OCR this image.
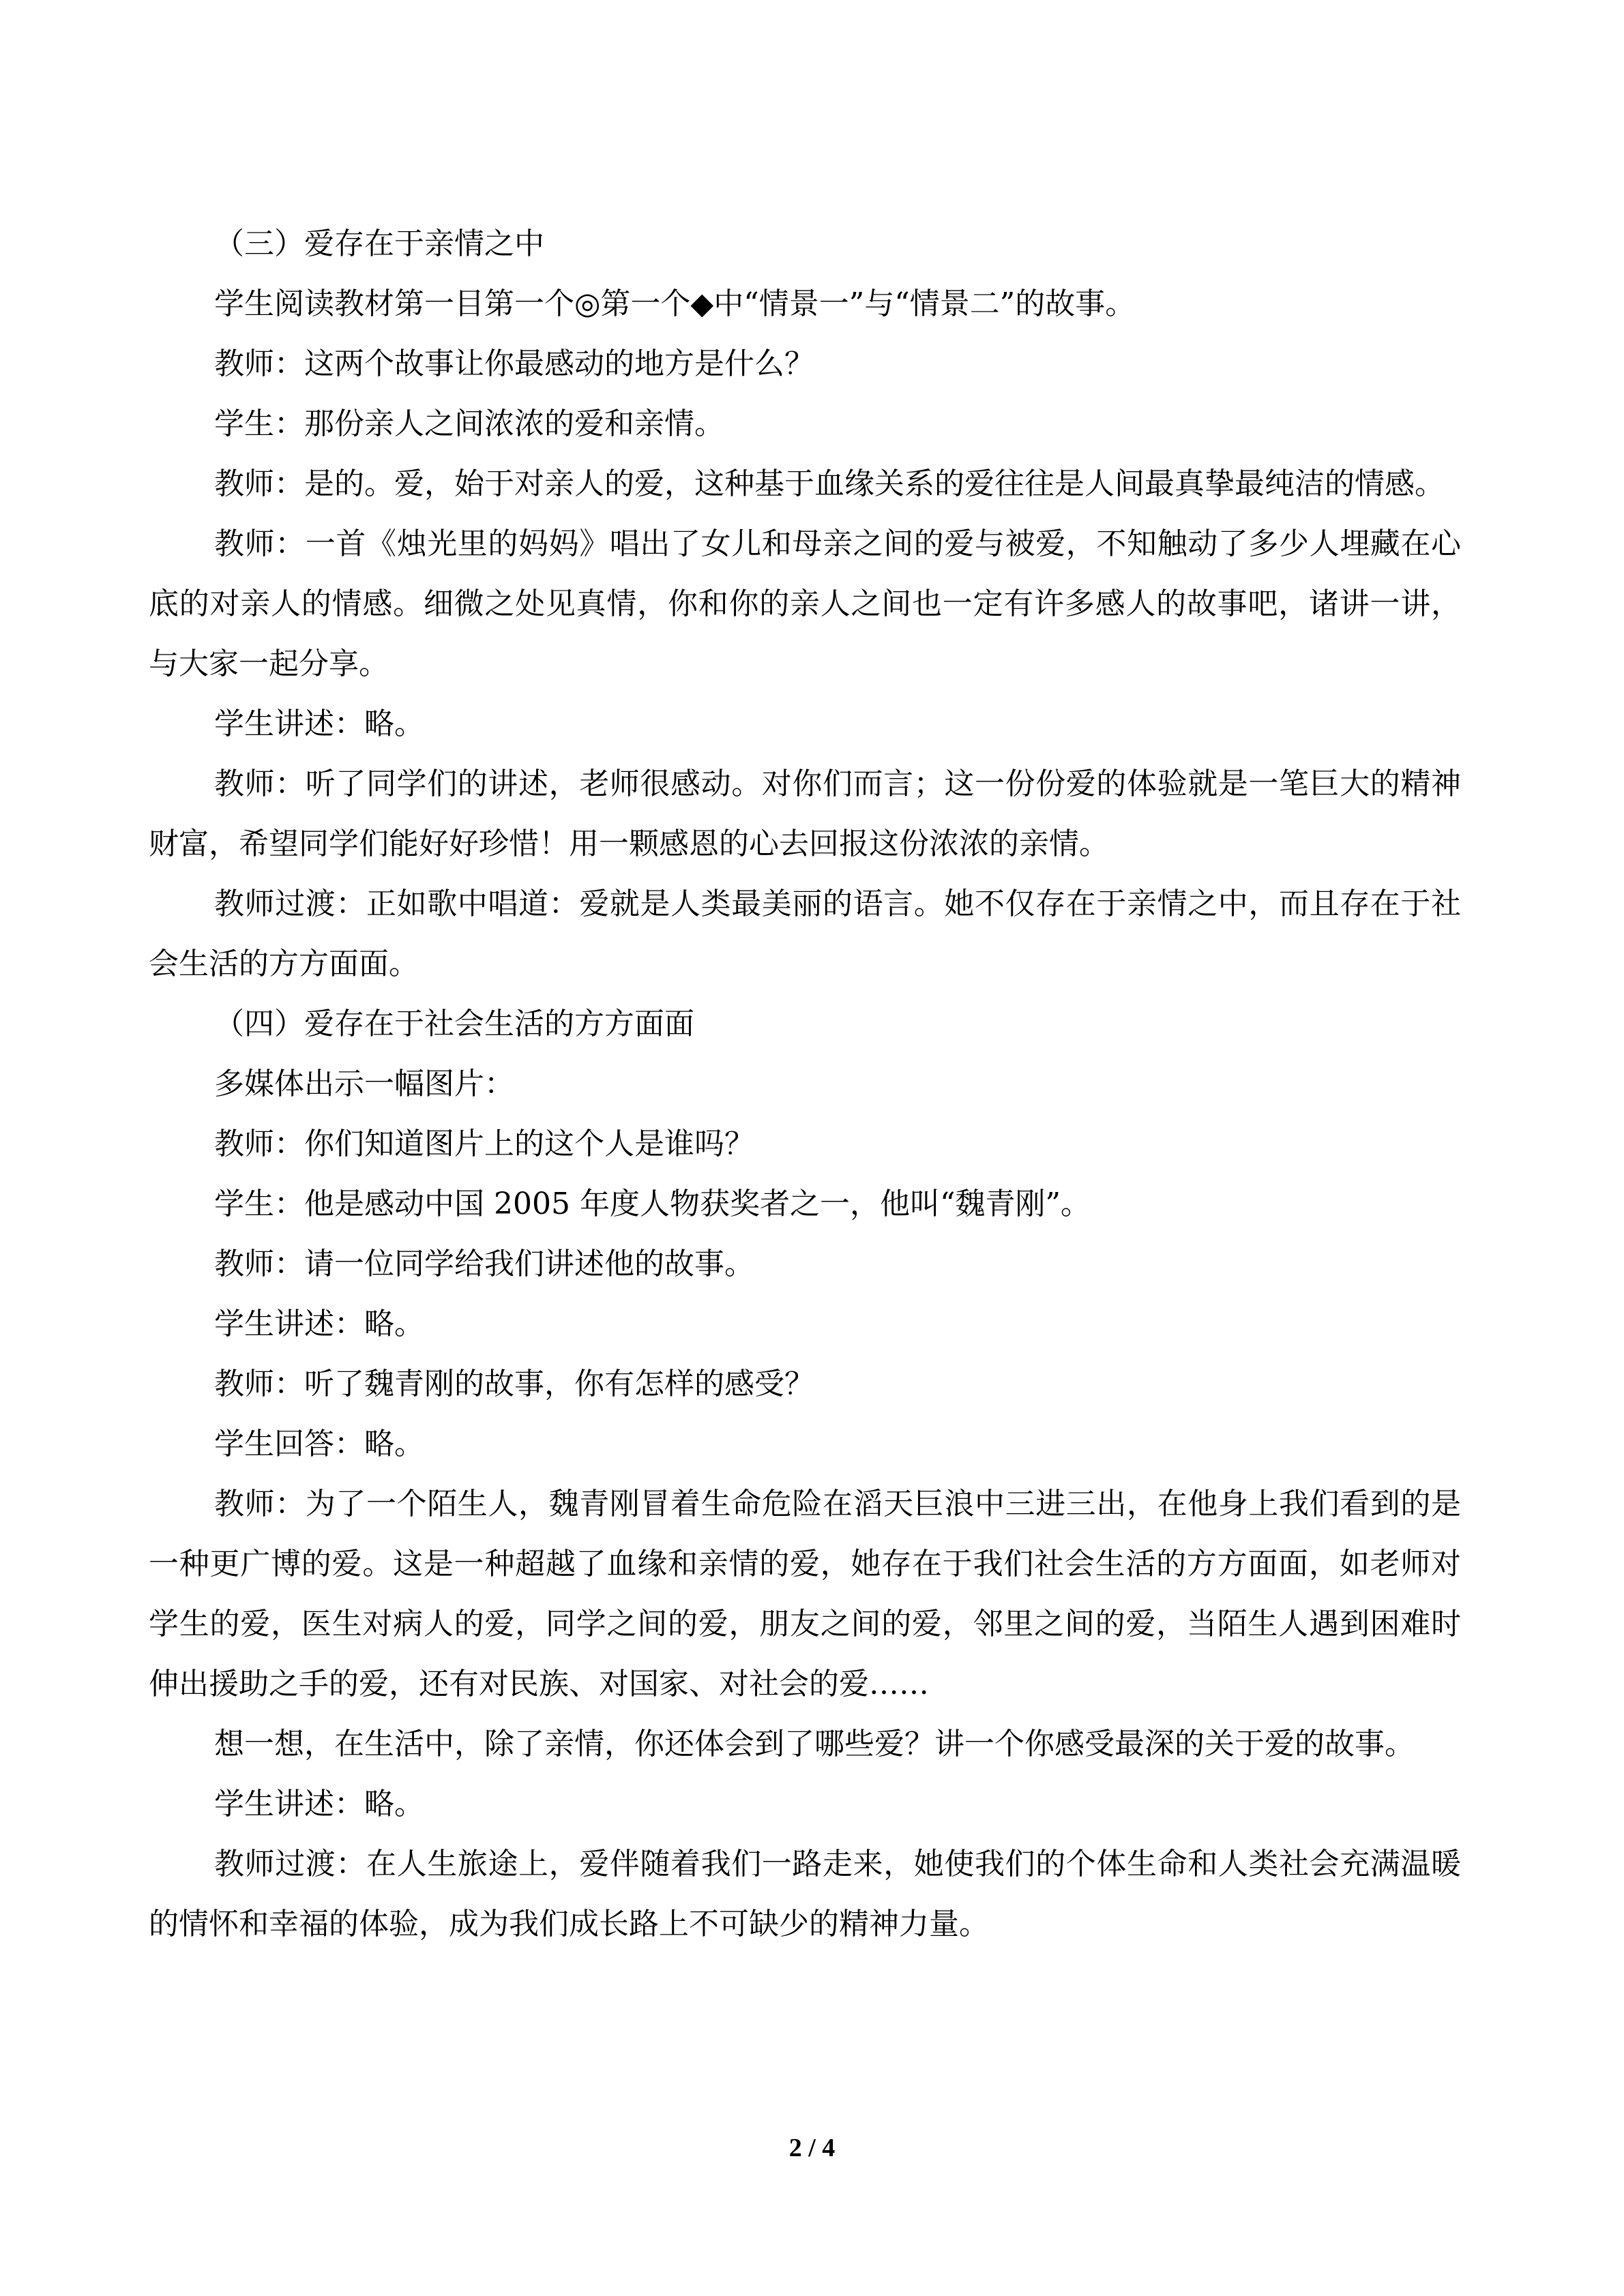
（三）爱存在于亲情之中

学生阅读教材第一目第一个◎第一个◆中“情景一”与“情景二”的故事。

教师：这两个故事让你最感动的地方是什么？

学生：那份亲人之间浓浓的爱和亲情。

教师：是的。爱，始于对亲人的爱，这种基于血缘关系的爱往往是人间最真挚最纯洁的情感。

教师：一首《烛光里的妈妈》唱出了女儿和母亲之间的爱与被爱，不知触动了多少人埋藏在心底的对亲人的情感。细微之处见真情，你和你的亲人之间也一定有许多感人的故事吧，诸讲一讲，与大家一起分享。

学生讲述：略。

教师：听了同学们的讲述，老师很感动。对你们而言；这一份份爱的体验就是一笔巨大的精神财富，希望同学们能好好珍惜！用一颗感恩的心去回报这份浓浓的亲情。

教师过渡：正如歌中唱道：爱就是人类最美丽的语言。她不仅存在于亲情之中，而且存在于社会生活的方方面面。

（四）爱存在于社会生活的方方面面

多媒体出示一幅图片：

教师：你们知道图片上的这个人是谁吗？

学生：他是感动中国 2005 年度人物获奖者之一，他叫“魏青刚”。

教师：请一位同学给我们讲述他的故事。

学生讲述：略。

教师：听了魏青刚的故事，你有怎样的感受？

学生回答：略。

教师：为了一个陌生人，魏青刚冒着生命危险在滔天巨浪中三进三出，在他身上我们看到的是一种更广博的爱。这是一种超越了血缘和亲情的爱，她存在于我们社会生活的方方面面，如老师对学生的爱，医生对病人的爱，同学之间的爱，朋友之间的爱，邻里之间的爱，当陌生人遇到困难时伸出援助之手的爱，还有对民族、对国家、对社会的爱……

想一想，在生活中，除了亲情，你还体会到了哪些爱？讲一个你感受最深的关于爱的故事。

学生讲述：略。

教师过渡：在人生旅途上，爱伴随着我们一路走来，她使我们的个体生命和人类社会充满温暖的情怀和幸福的体验，成为我们成长路上不可缺少的精神力量。

2 / 4
